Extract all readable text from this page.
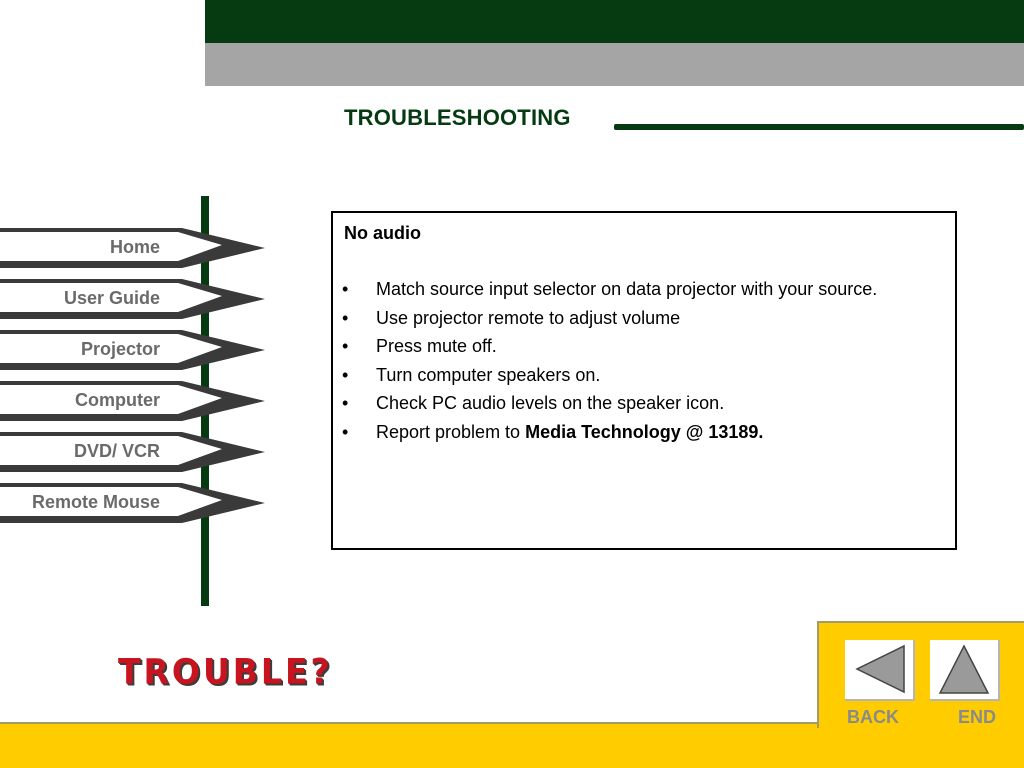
TROUBLESHOOTING
Home
User Guide
Projector
Computer
DVD/ VCR
Remote Mouse
No audio
• Match source input selector on data projector with your source.
• Use projector remote to adjust volume
• Press mute off.
• Turn computer speakers on.
• Check PC audio levels on the speaker icon.
• Report problem to Media Technology @ 13189.
TROUBLE?
BACK	END
